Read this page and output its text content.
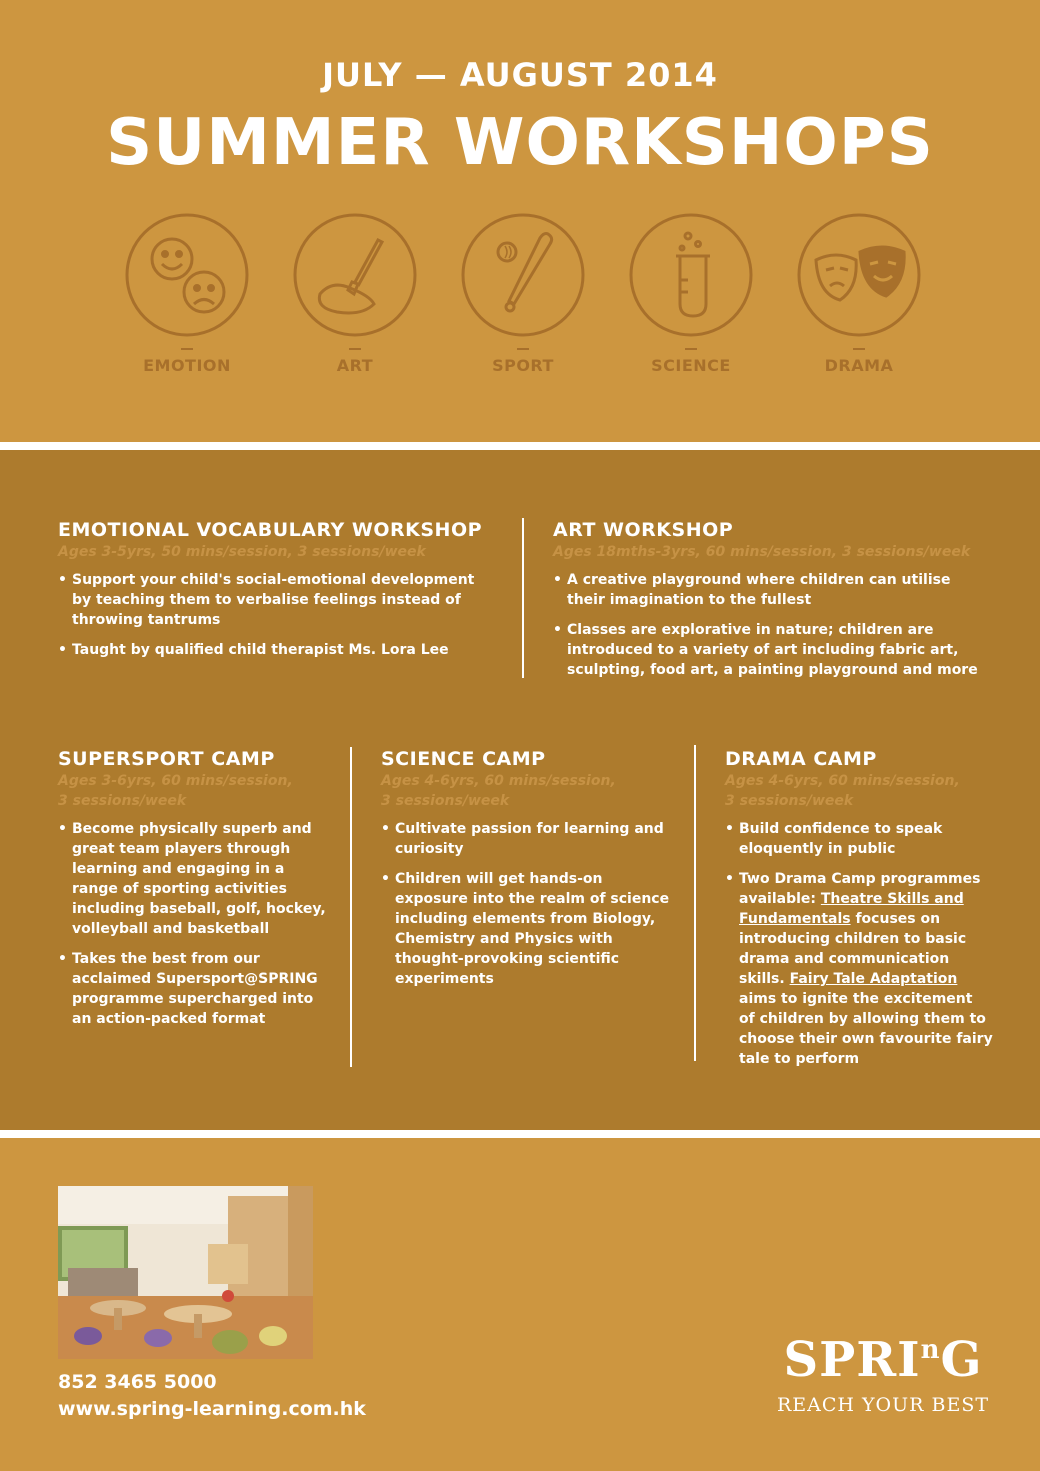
JULY — AUGUST 2014
SUMMER WORKSHOPS
EMOTION	ART	SPORT	SCIENCE	DRAMA
EMOTIONAL VOCABULARY WORKSHOP
Ages 3-5yrs, 50 mins/session, 3 sessions/week
• Support your child's social-emotional development by teaching them to verbalise feelings instead of throwing tantrums
• Taught by qualified child therapist Ms. Lora Lee
ART WORKSHOP
Ages 18mths-3yrs, 60 mins/session, 3 sessions/week
• A creative playground where children can utilise their imagination to the fullest
• Classes are explorative in nature; children are introduced to a variety of art including fabric art, sculpting, food art, a painting playground and more
SUPERSPORT CAMP
Ages 3-6yrs, 60 mins/session,
3 sessions/week
• Become physically superb and great team players through learning and engaging in a range of sporting activities including baseball, golf, hockey, volleyball and basketball
• Takes the best from our acclaimed Supersport@SPRING programme supercharged into an action-packed format
SCIENCE CAMP
Ages 4-6yrs, 60 mins/session,
3 sessions/week
• Cultivate passion for learning and curiosity
• Children will get hands-on exposure into the realm of science including elements from Biology, Chemistry and Physics with thought-provoking scientific experiments
DRAMA CAMP
Ages 4-6yrs, 60 mins/session,
3 sessions/week
• Build confidence to speak eloquently in public
• Two Drama Camp programmes available: Theatre Skills and Fundamentals focuses on introducing children to basic drama and communication skills. Fairy Tale Adaptation aims to ignite the excitement of children by allowing them to choose their own favourite fairy tale to perform
852 3465 5000
www.spring-learning.com.hk
SPRI$^n$G
REACH YOUR BEST
